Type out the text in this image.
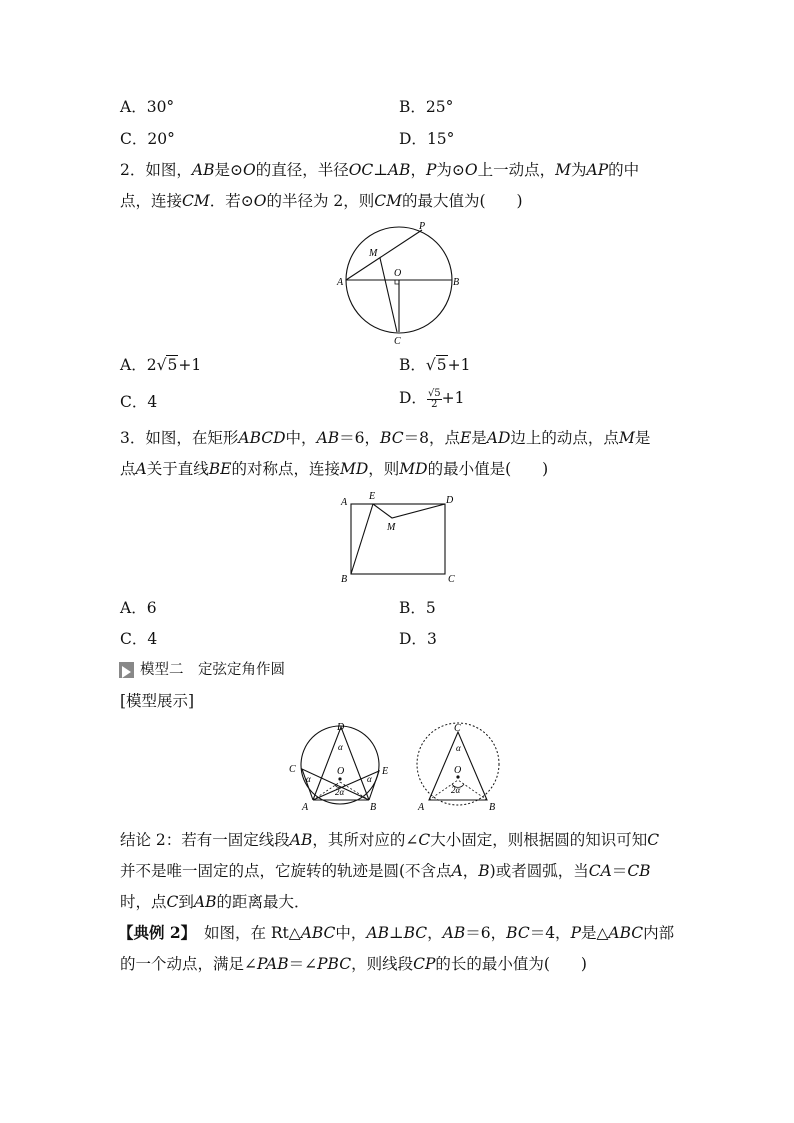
A．30°	B．25°
C．20°	D．15°
2．如图，AB是⊙O的直径，半径OC⊥AB，P为⊙O上一动点，M为AP的中
点，连接CM．若⊙O的半径为 2，则CM的最大值为(　　)
P
M
O
A	B
C
A．2√5+1	B．√5+1
C．4	D． $\frac{√5}{2} +1$
3．如图，在矩形ABCD中，AB＝6，BC＝8，点E是AD边上的动点，点M是
点A关于直线BE的对称点，连接MD，则MD的最小值是(　　)
A
E	D
M
B	C
A．6	B．5
C．4	D．3
模型二　定弦定角作圆
[模型展示]
D
α
C
α
E
α
O
2α
A	B
C
α
O
2α
A	B
结论 2：若有一固定线段AB，其所对应的∠C大小固定，则根据圆的知识可知C
并不是唯一固定的点，它旋转的轨迹是圆(不含点A，B)或者圆弧，当CA＝CB
时，点C到AB的距离最大．
【典例 2】　如图，在 Rt△ABC中，AB⊥BC，AB＝6，BC＝4，P是△ABC内部
的一个动点，满足∠PAB＝∠PBC，则线段CP的长的最小值为(　　)
